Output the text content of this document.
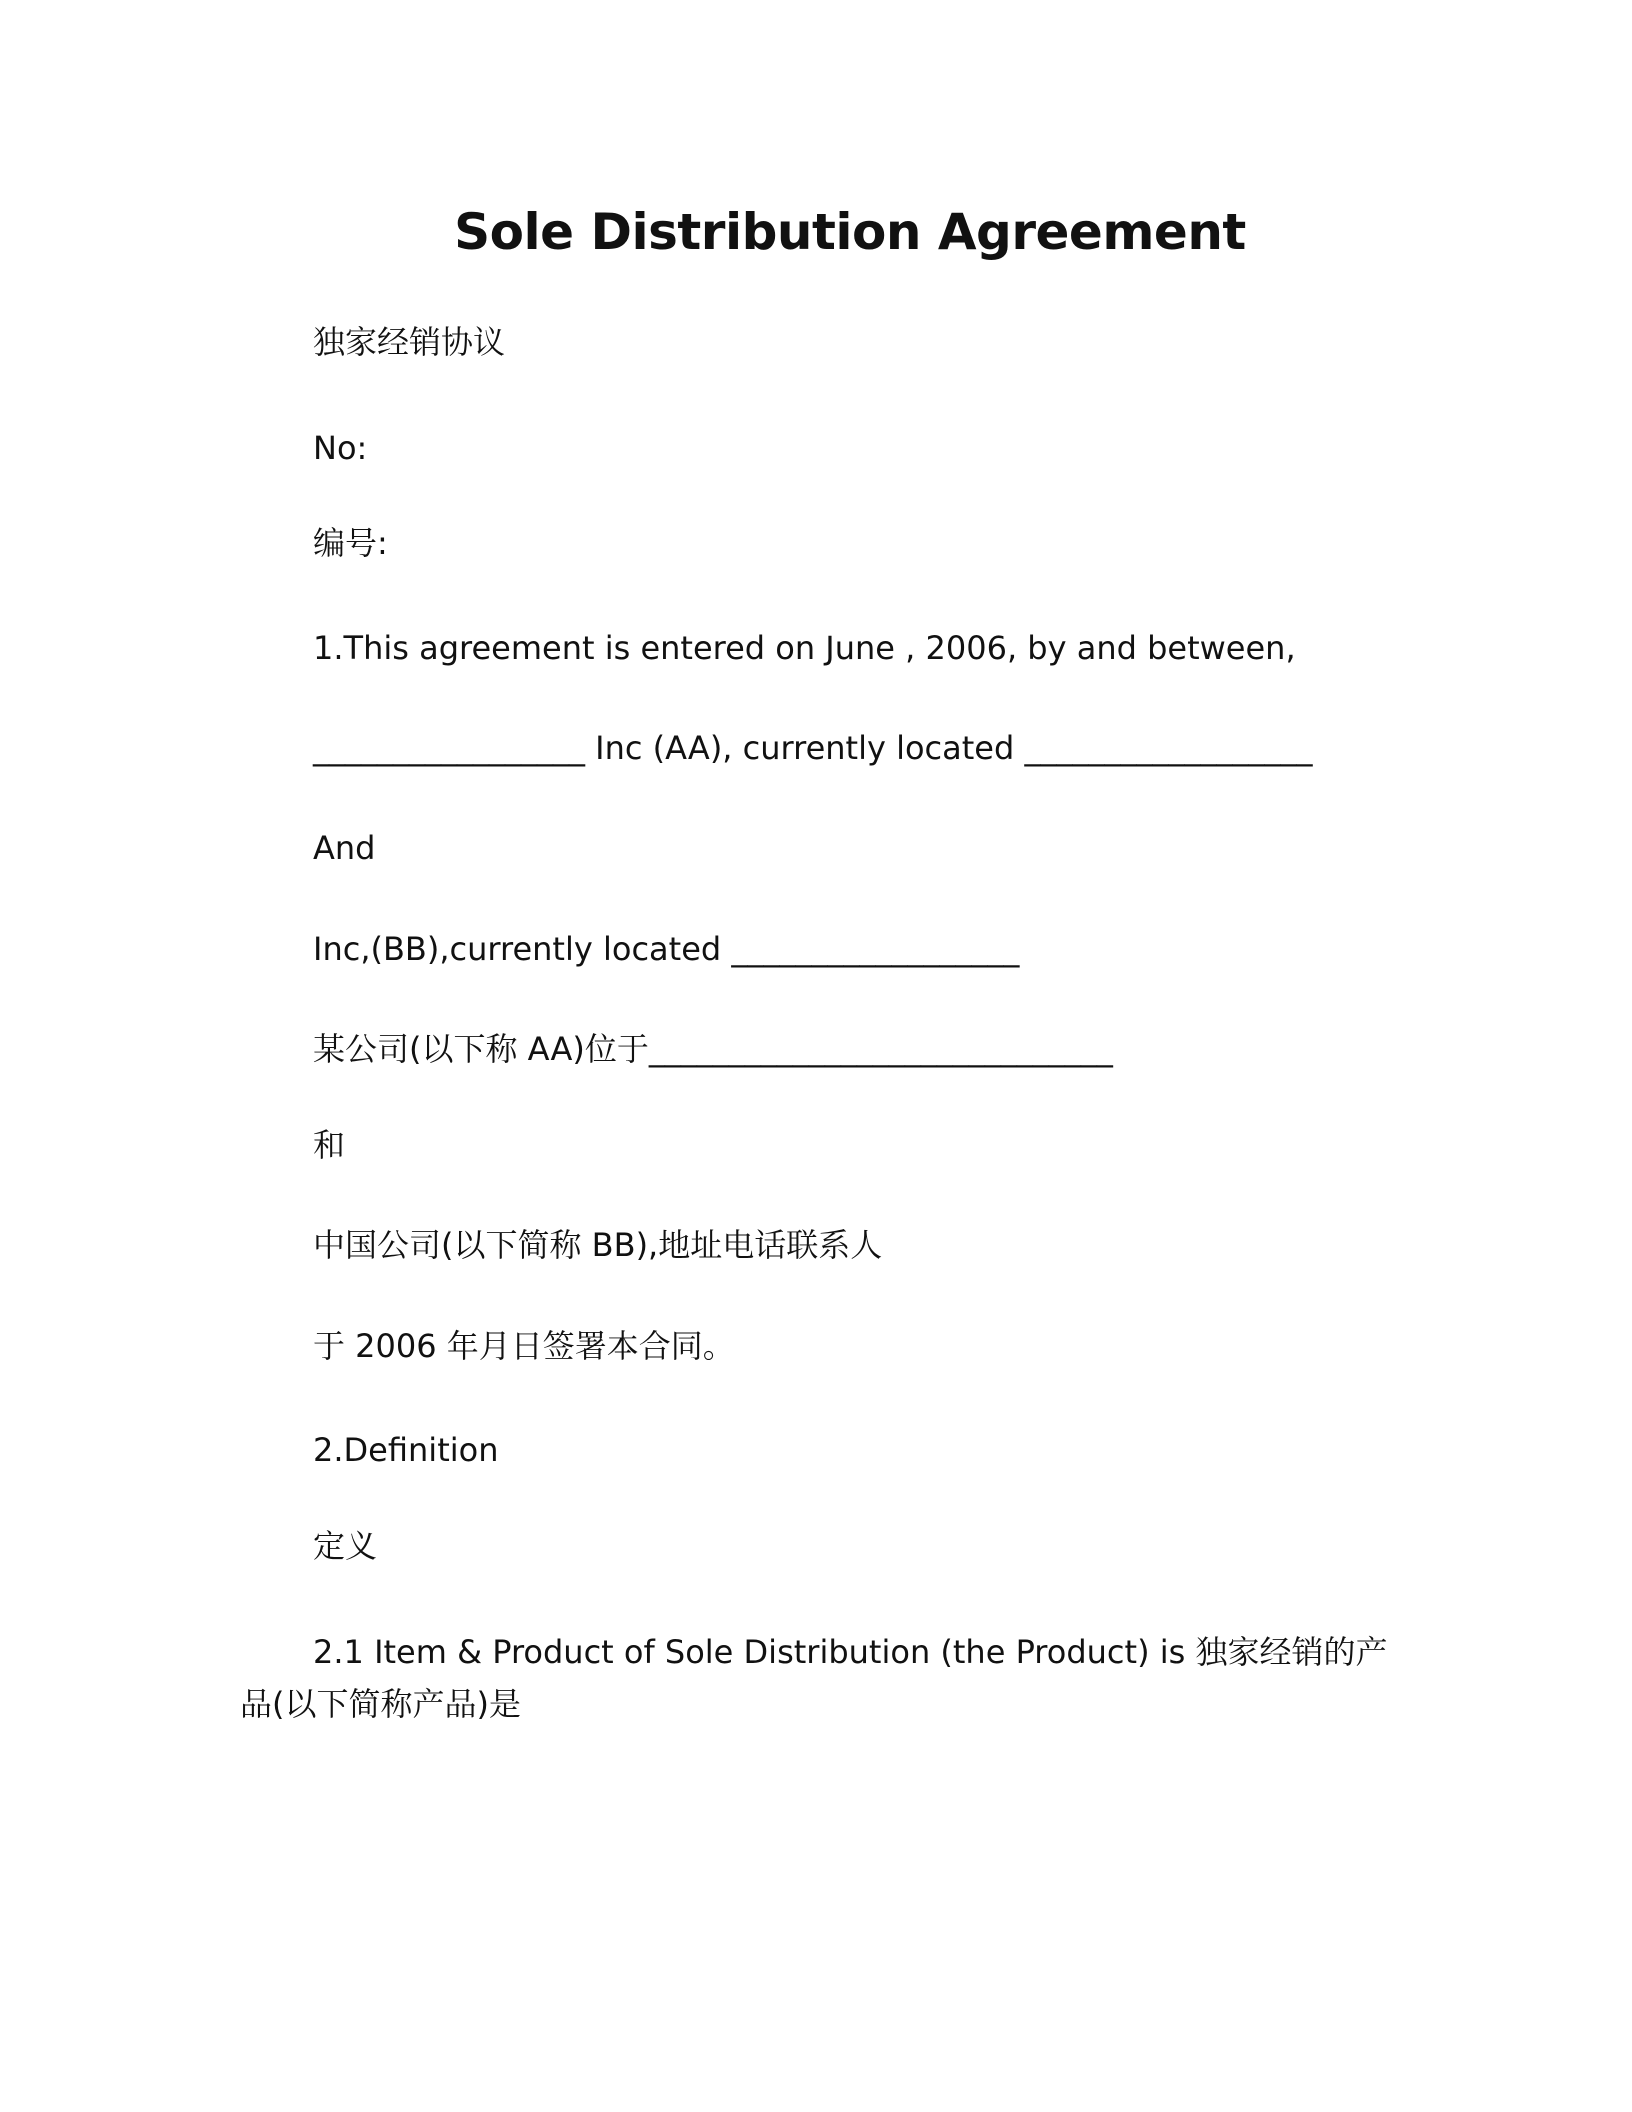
Sole Distribution Agreement
独家经销协议
No:
编号:
1.This agreement is entered on June , 2006, by and between,
_________________ Inc (AA), currently located __________________
And
Inc,(BB),currently located __________________
某公司(以下称 AA)位于_____________________________
和
中国公司(以下简称 BB),地址电话联系人
于 2006 年月日签署本合同。
2.Definition
定义
2.1 Item & Product of Sole Distribution (the Product) is 独家经销的产品(以下简称产品)是
